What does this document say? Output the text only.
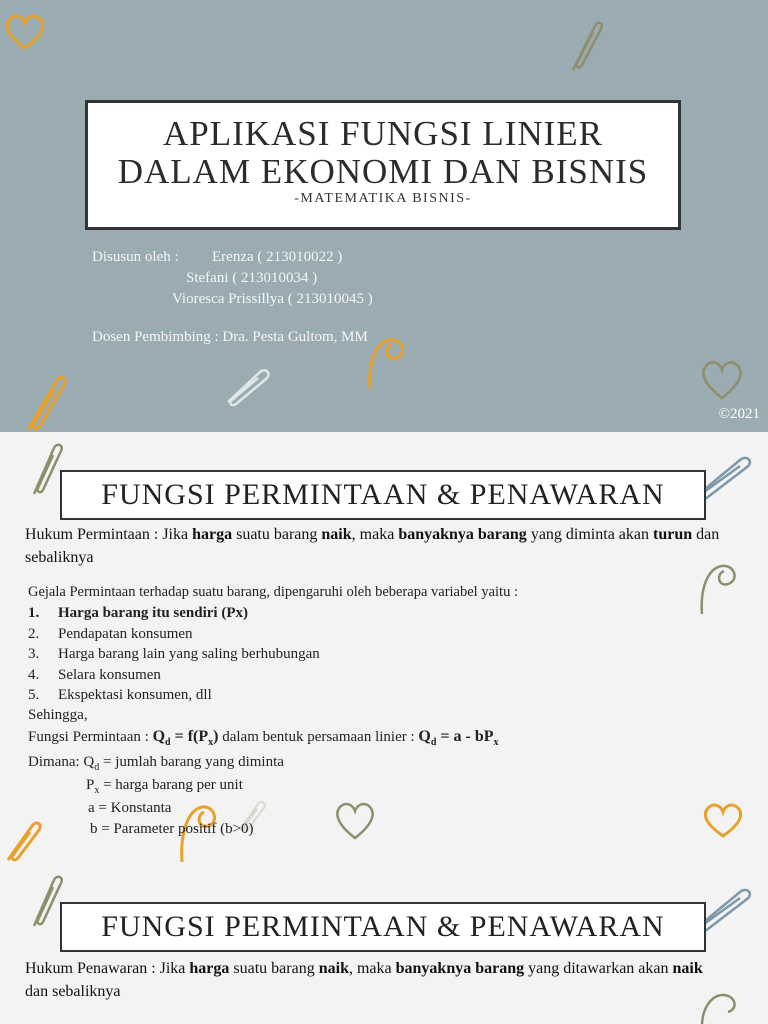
APLIKASI FUNGSI LINIER
DALAM EKONOMI DAN BISNIS
-MATEMATIKA BISNIS-
Disusun oleh : Erenza ( 213010022 )
Stefani ( 213010034 )
Vioresca Prissillya ( 213010045 )
Dosen Pembimbing : Dra. Pesta Gultom, MM
©2021
FUNGSI PERMINTAAN & PENAWARAN
Hukum Permintaan : Jika harga suatu barang naik, maka banyaknya barang yang diminta akan turun dan sebaliknya
Gejala Permintaan terhadap suatu barang, dipengaruhi oleh beberapa variabel yaitu :
1. Harga barang itu sendiri (Px)
2. Pendapatan konsumen
3. Harga barang lain yang saling berhubungan
4. Selara konsumen
5. Ekspektasi konsumen, dll
Sehingga,
Fungsi Permintaan : $Q_d = f(P_x)$ dalam bentuk persamaan linier : $Q_d = a - bP_x$
Dimana: $Q_d$ = jumlah barang yang diminta
$P_x$ = harga barang per unit
a = Konstanta
b = Parameter positif (b>0)
FUNGSI PERMINTAAN & PENAWARAN
Hukum Penawaran : Jika harga suatu barang naik, maka banyaknya barang yang ditawarkan akan naik dan sebaliknya
